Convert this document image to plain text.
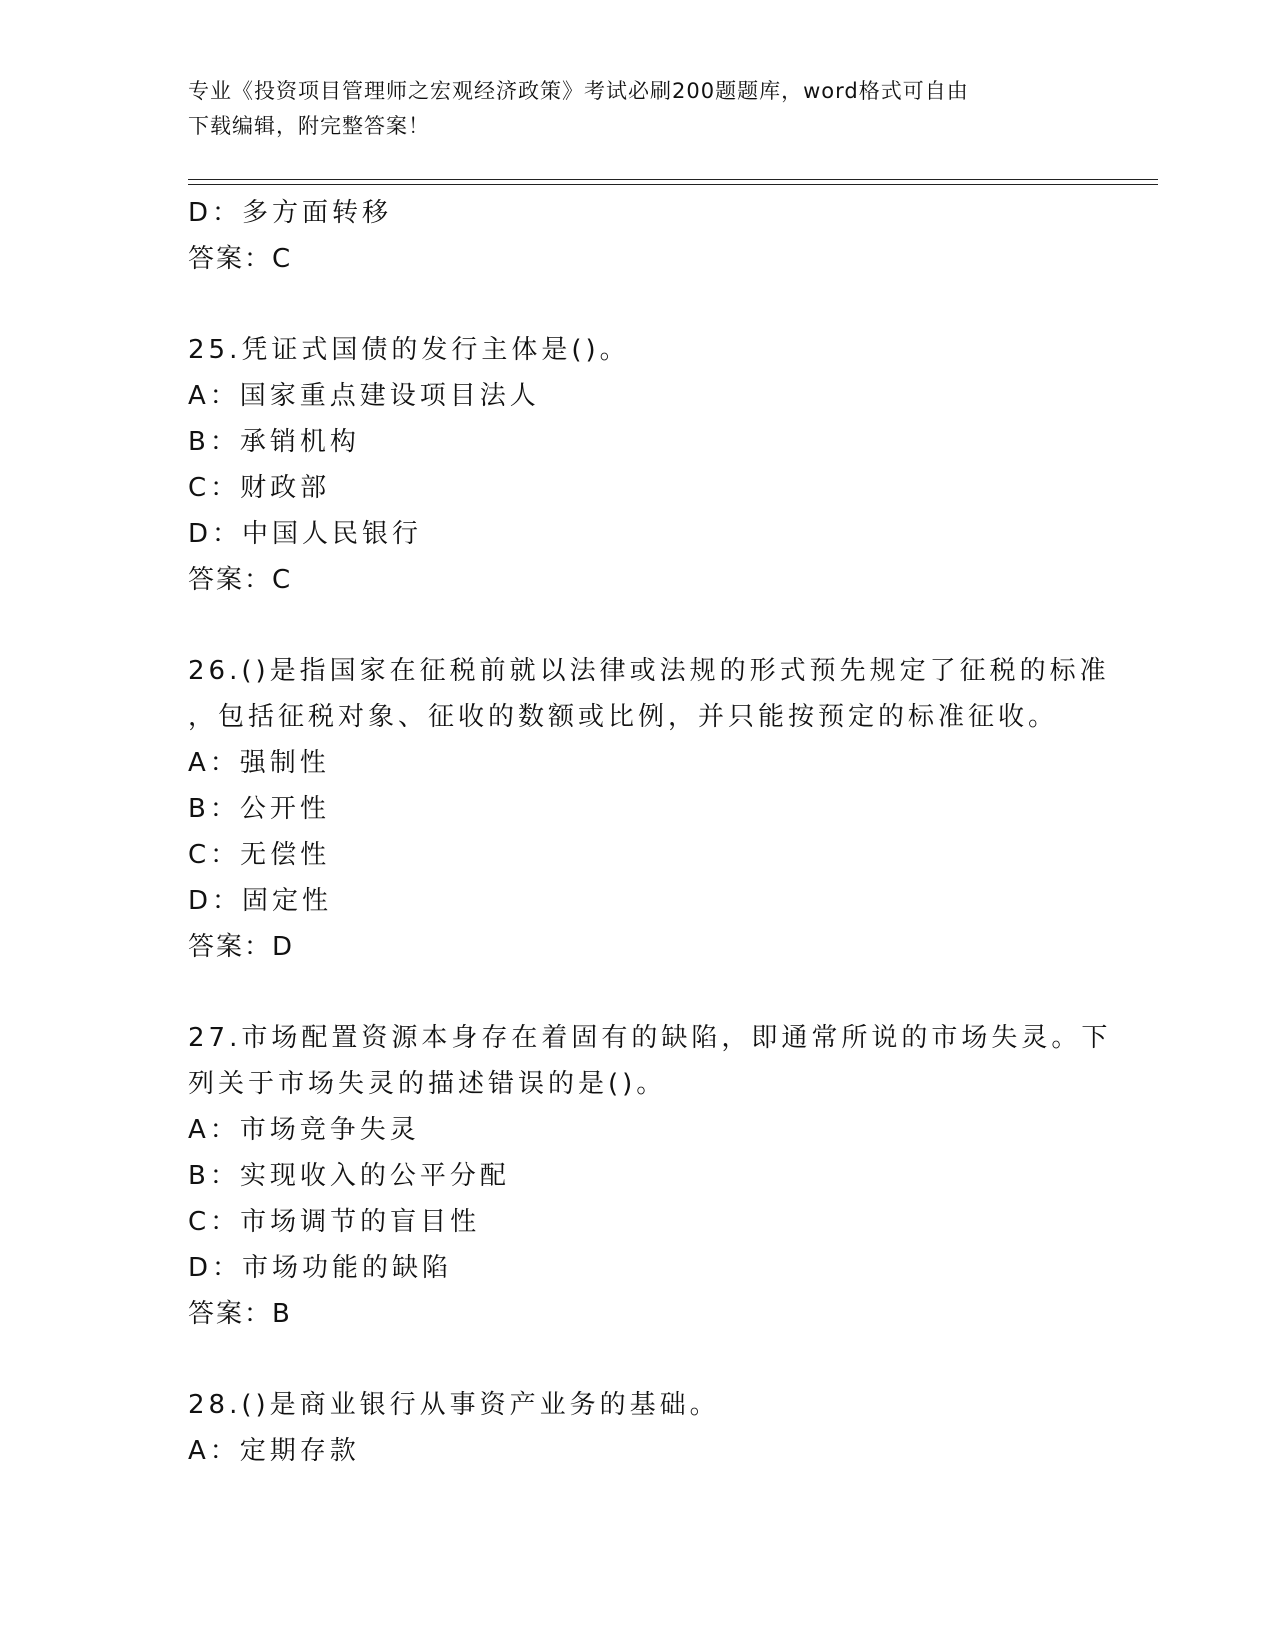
专业《投资项目管理师之宏观经济政策》考试必刷200题题库，word格式可自由
下载编辑，附完整答案！
D：多方面转移
答案：C
25.凭证式国债的发行主体是()。
A：国家重点建设项目法人
B：承销机构
C：财政部
D：中国人民银行
答案：C
26.()是指国家在征税前就以法律或法规的形式预先规定了征税的标准
，包括征税对象、征收的数额或比例，并只能按预定的标准征收。
A：强制性
B：公开性
C：无偿性
D：固定性
答案：D
27.市场配置资源本身存在着固有的缺陷，即通常所说的市场失灵。下
列关于市场失灵的描述错误的是()。
A：市场竞争失灵
B：实现收入的公平分配
C：市场调节的盲目性
D：市场功能的缺陷
答案：B
28.()是商业银行从事资产业务的基础。
A：定期存款
